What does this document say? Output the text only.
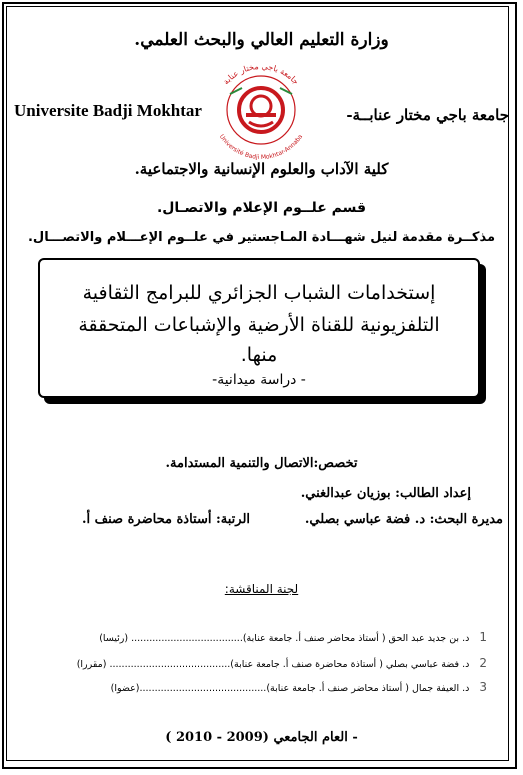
وزارة التعليم العالي والبحث العلمي.
جامعة باجي مختار عنابــة-
Universite Badji Mokhtar
جامعة باجي مختار عنابة
Université Badji Mokhtar-Annaba
كلية الآداب والعلوم الإنسانية والاجتماعية.
قسم علــوم الإعلام والاتصـال.
مذكــرة مقدمة لنيل شهـــادة المـاجستير في علــوم الإعـــلام والاتصـــال.
إستخدامات الشباب الجزائري للبرامج الثقافية
التلفزيونية للقناة الأرضية والإشباعات المتحققة
منها.
- دراسة ميدانية-
تخصص:الاتصال والتنمية المستدامة.
إعداد الطالب: بوزيان عبدالغني.
مديرة البحث: د. فضة عباسي بصلي.
الرتبة: أستاذة محاضرة صنف أ.
لجنة المناقشة:
1د. بن جديد عبد الحق ( أستاذ محاضر صنف أ. جامعة عنابة)..................................... (رئيسا)
2د. فضة عباسي بصلي ( أستاذة محاضرة صنف أ. جامعة عنابة)........................................ (مقررا)
3د. العيفة جمال ( أستاذ محاضر صنف أ. جامعة عنابة)..........................................(عضوا)
- العام الجامعي (2009 - 2010 )
